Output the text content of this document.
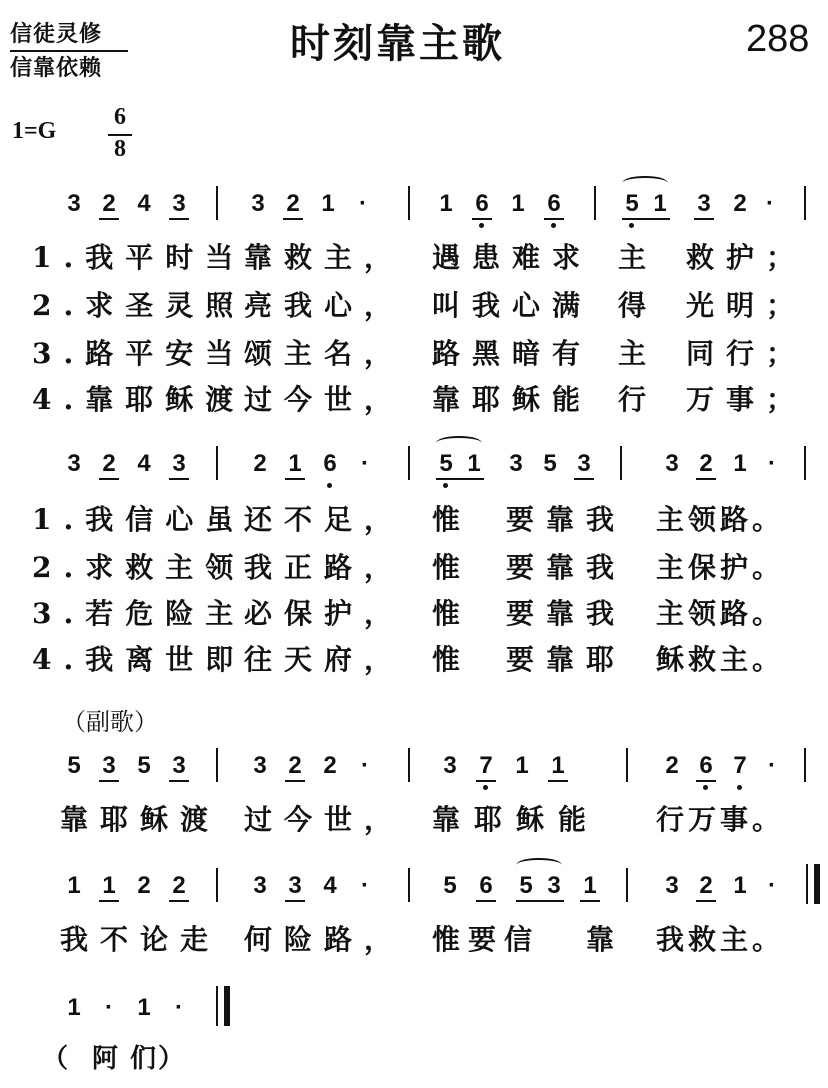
信徒灵修
信靠依赖
时刻靠主歌	288
1=G
6
8
3 2 4 3	3 2 1 ·	1 6 1 6	5 1 3 2 ·
1.我平时当
靠救主， 遇患难求 主 救护；
2.求圣灵照
亮我心， 叫我心满 得 光明；
3.路平安当
颂主名， 路黑暗有 主 同行；
4.靠耶稣渡
过今世， 靠耶稣能 行 万事；
3 2 4 3	2 1 6 ·	5 1 3 5 3	3 2 1 ·
1.我信心虽
还不足， 惟 要靠我 主领路。
2.求救主领
我正路， 惟 要靠我 主保护。
3.若危险主
必保护， 惟 要靠我 主领路。
4.我离世即
往天府， 惟 要靠耶 稣救主。
（副歌）
5 3 5 3	3 2 2 ·	3 7 1 1	2 6 7 ·
靠耶稣渡 过今世， 靠耶稣能 行万事。
1 1 2 2	3 3 4 ·	5 6 5 3 1	3 2 1 ·
我不论走 何险路， 惟要信 靠 我救主。
1 · 1 ·
（阿
们）
